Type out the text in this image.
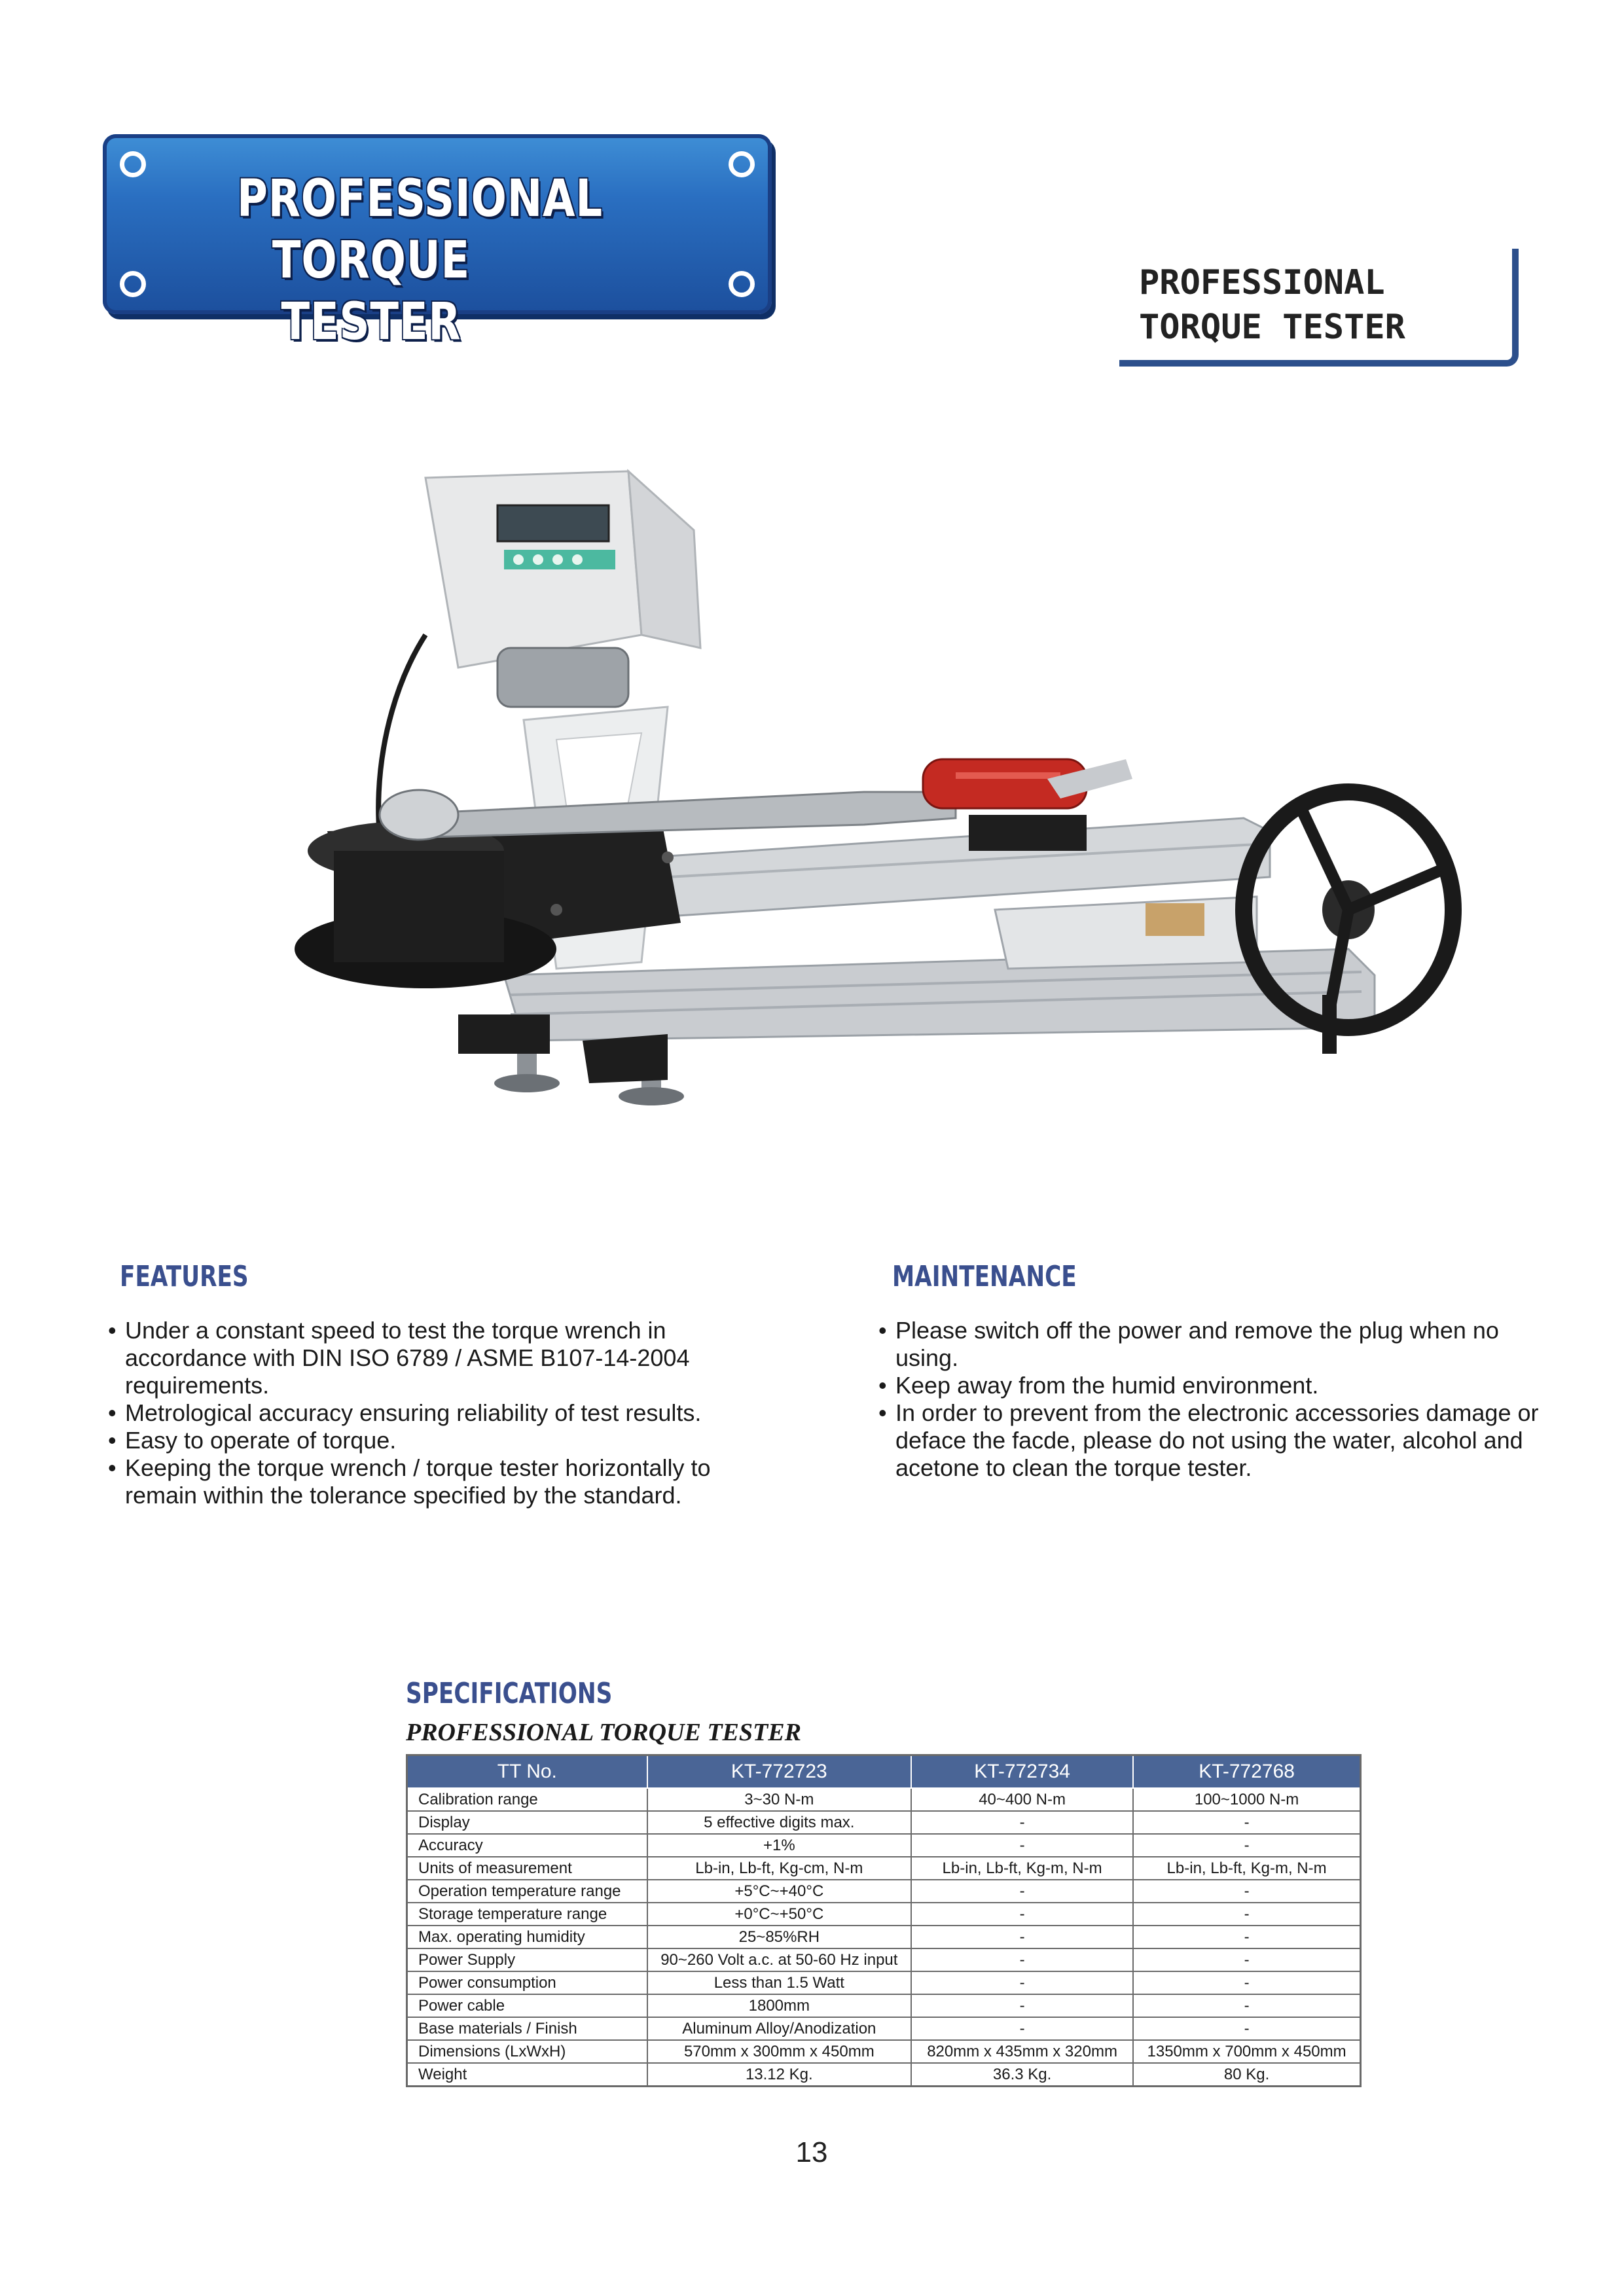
PROFESSIONAL
TORQUE TESTER
PROFESSIONAL
TORQUE TESTER
FEATURES
• Under a constant speed to test the torque wrench in accordance with DIN ISO 6789 / ASME B107-14-2004 requirements.
• Metrological accuracy ensuring reliability of test results.
• Easy to operate of torque.
• Keeping the torque wrench / torque tester horizontally to remain within the tolerance specified by the standard.
MAINTENANCE
• Please switch off the power and remove the plug when no using.
• Keep away from the humid environment.
• In order to prevent from the electronic accessories damage or deface the facde, please do not using the water, alcohol and acetone to clean the torque tester.
SPECIFICATIONS
PROFESSIONAL TORQUE TESTER
TT No.	KT-772723	KT-772734	KT-772768
Calibration range	3~30 N-m	40~400 N-m	100~1000 N-m
Display	5 effective digits max.	-	-
Accuracy	+1%	-	-
Units of measurement	Lb-in, Lb-ft, Kg-cm, N-m	Lb-in, Lb-ft, Kg-m, N-m	Lb-in, Lb-ft, Kg-m, N-m
Operation temperature range	+5°C~+40°C	-	-
Storage temperature range	+0°C~+50°C	-	-
Max. operating humidity	25~85%RH	-	-
Power Supply	90~260 Volt a.c. at 50-60 Hz input	-	-
Power consumption	Less than 1.5 Watt	-	-
Power cable	1800mm	-	-
Base materials / Finish	Aluminum Alloy/Anodization	-	-
Dimensions (LxWxH)	570mm x 300mm x 450mm	820mm x 435mm x 320mm	1350mm x 700mm x 450mm
Weight	13.12 Kg.	36.3 Kg.	80 Kg.
13
